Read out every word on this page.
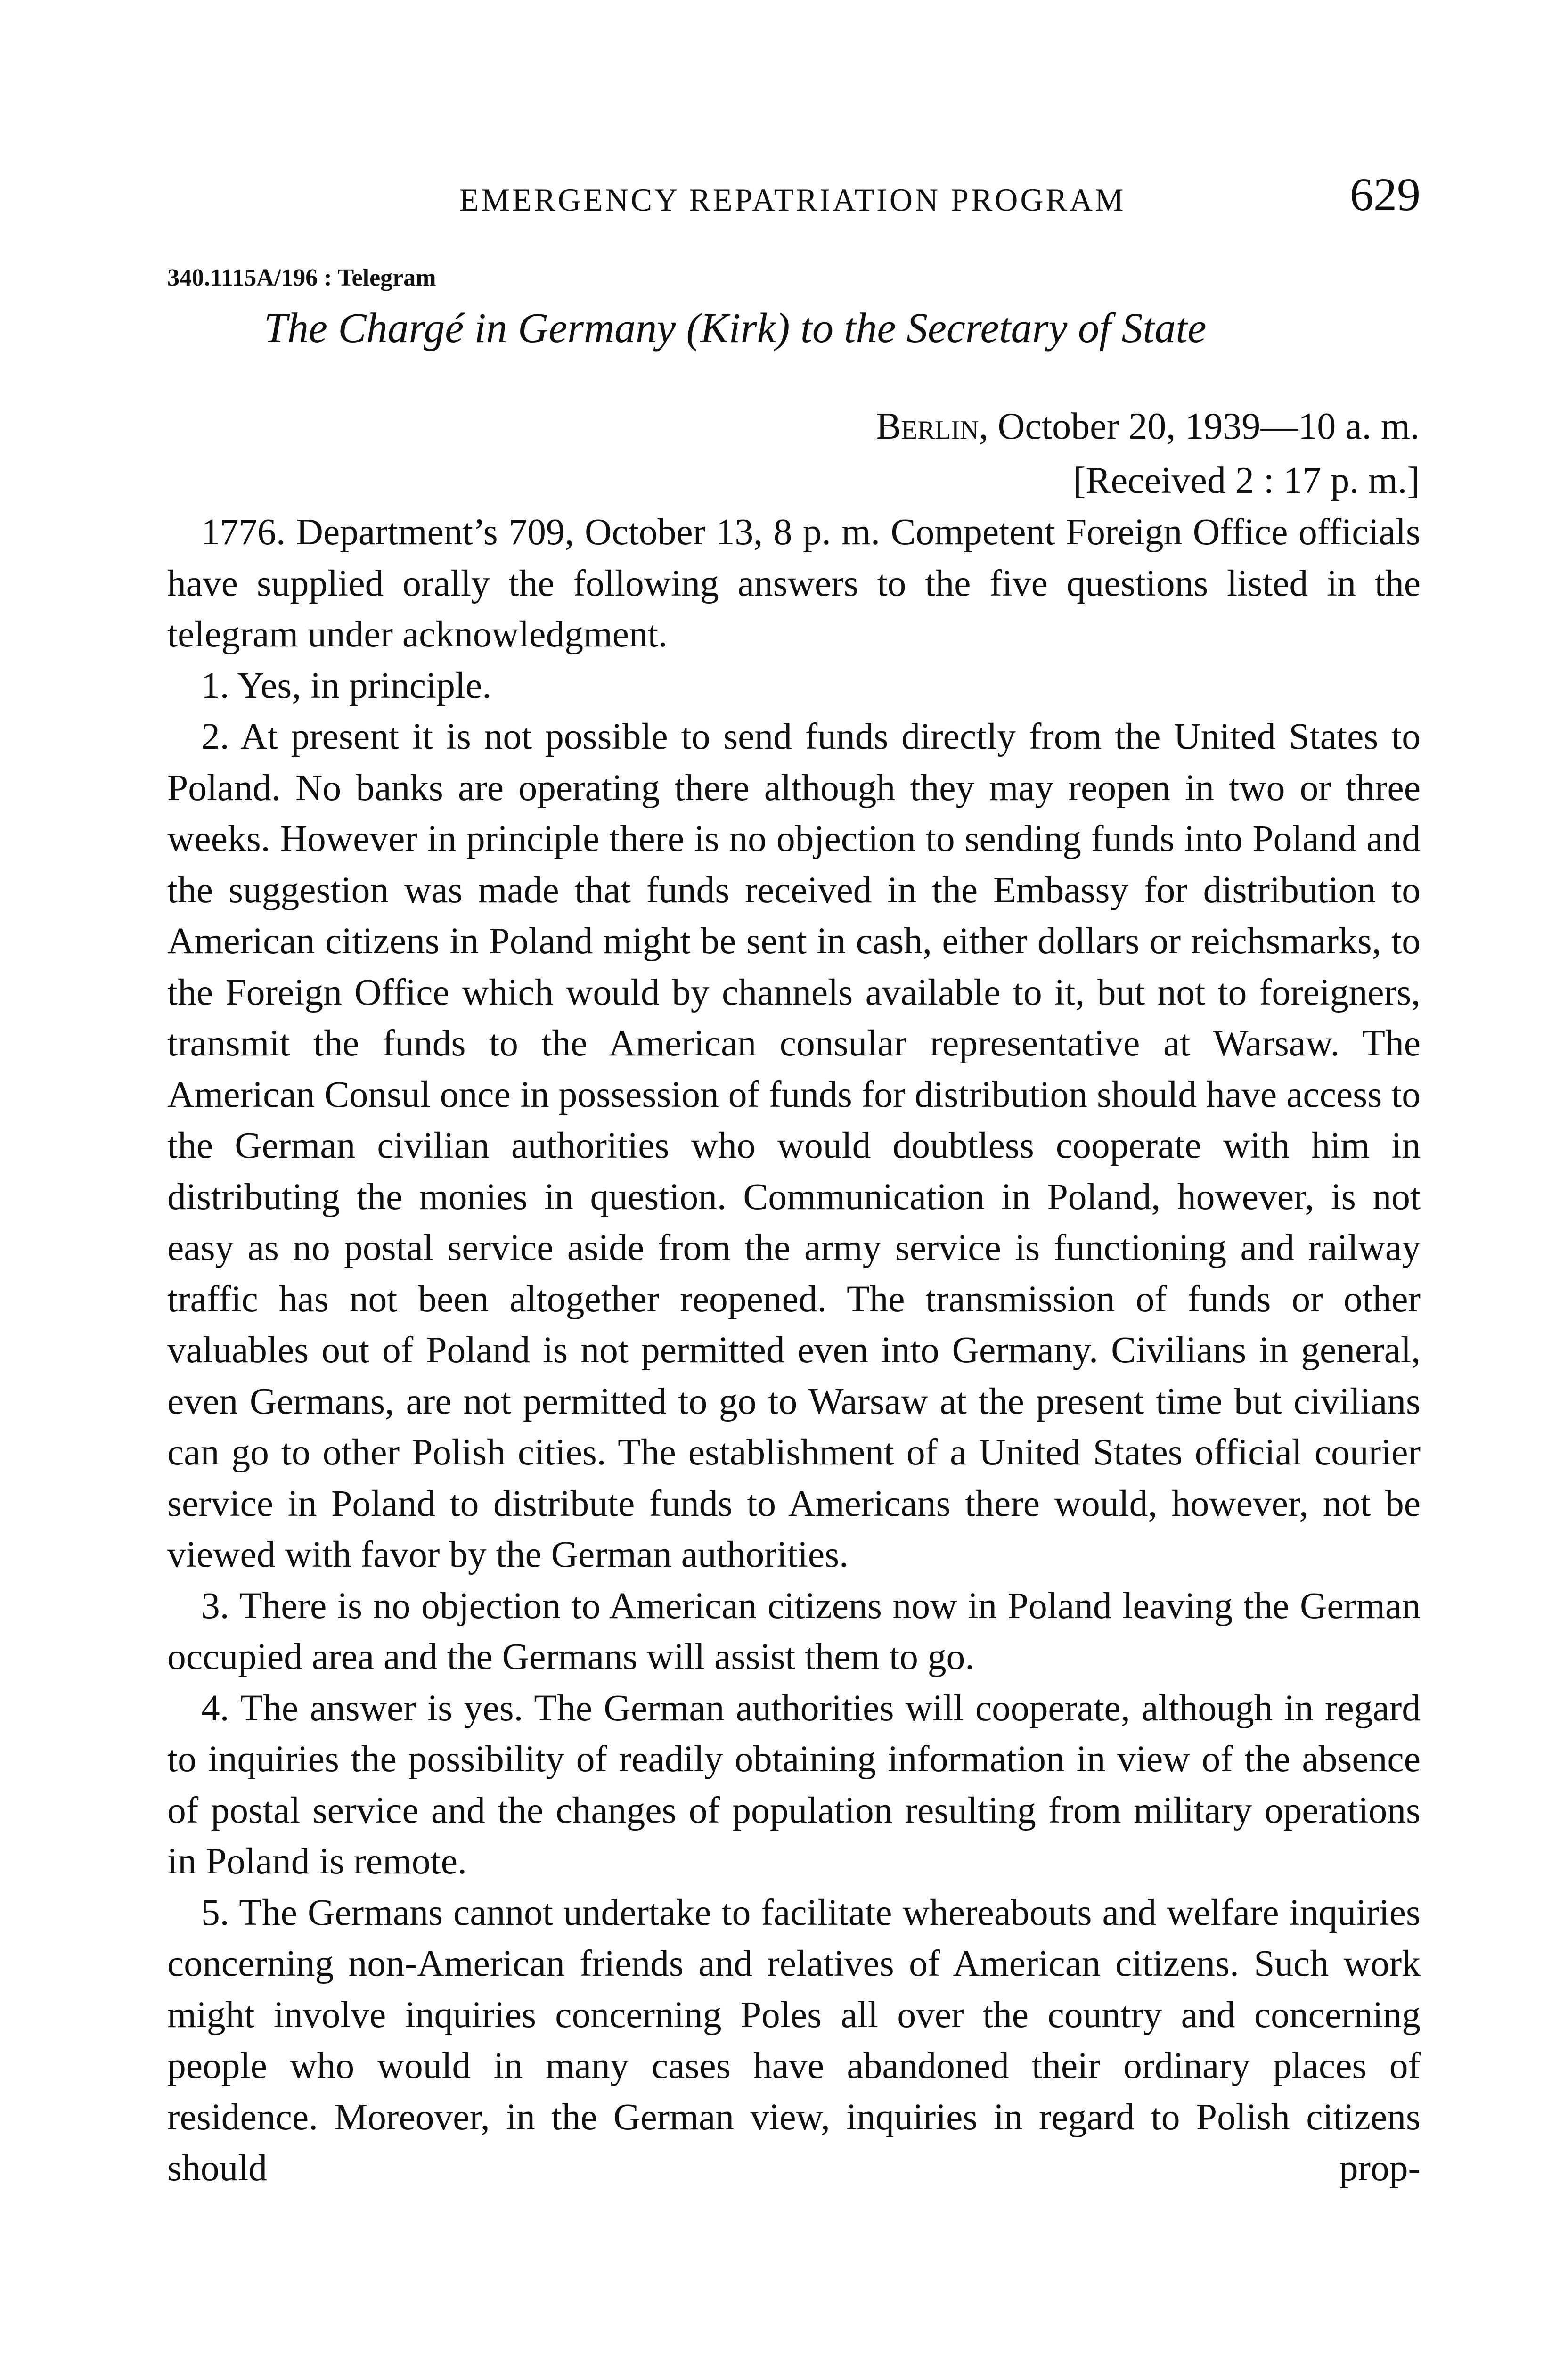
EMERGENCY REPATRIATION PROGRAM	629
340.1115A/196 : Telegram
The Chargé in Germany (Kirk) to the Secretary of State
Berlin, October 20, 1939—10 a. m.
[Received 2 : 17 p. m.]

1776. Department’s 709, October 13, 8 p. m. Competent Foreign Office officials have supplied orally the following answers to the five questions listed in the telegram under acknowledgment.

1. Yes, in principle.

2. At present it is not possible to send funds directly from the United States to Poland. No banks are operating there although they may reopen in two or three weeks. However in principle there is no objection to sending funds into Poland and the suggestion was made that funds received in the Embassy for distribution to American citizens in Poland might be sent in cash, either dollars or reichsmarks, to the Foreign Office which would by channels available to it, but not to foreigners, transmit the funds to the American consular representative at Warsaw. The American Consul once in possession of funds for distribution should have access to the German civilian authorities who would doubtless cooperate with him in distributing the monies in question. Communication in Poland, however, is not easy as no postal service aside from the army service is functioning and railway traffic has not been altogether reopened. The transmission of funds or other valuables out of Poland is not permitted even into Germany. Civilians in general, even Germans, are not permitted to go to Warsaw at the present time but civilians can go to other Polish cities. The establishment of a United States official courier service in Poland to distribute funds to Americans there would, however, not be viewed with favor by the German authorities.

3. There is no objection to American citizens now in Poland leaving the German occupied area and the Germans will assist them to go.

4. The answer is yes. The German authorities will cooperate, although in regard to inquiries the possibility of readily obtaining information in view of the absence of postal service and the changes of population resulting from military operations in Poland is remote.

5. The Germans cannot undertake to facilitate whereabouts and welfare inquiries concerning non-American friends and relatives of American citizens. Such work might involve inquiries concerning Poles all over the country and concerning people who would in many cases have abandoned their ordinary places of residence. Moreover, in the German view, inquiries in regard to Polish citizens should prop-
